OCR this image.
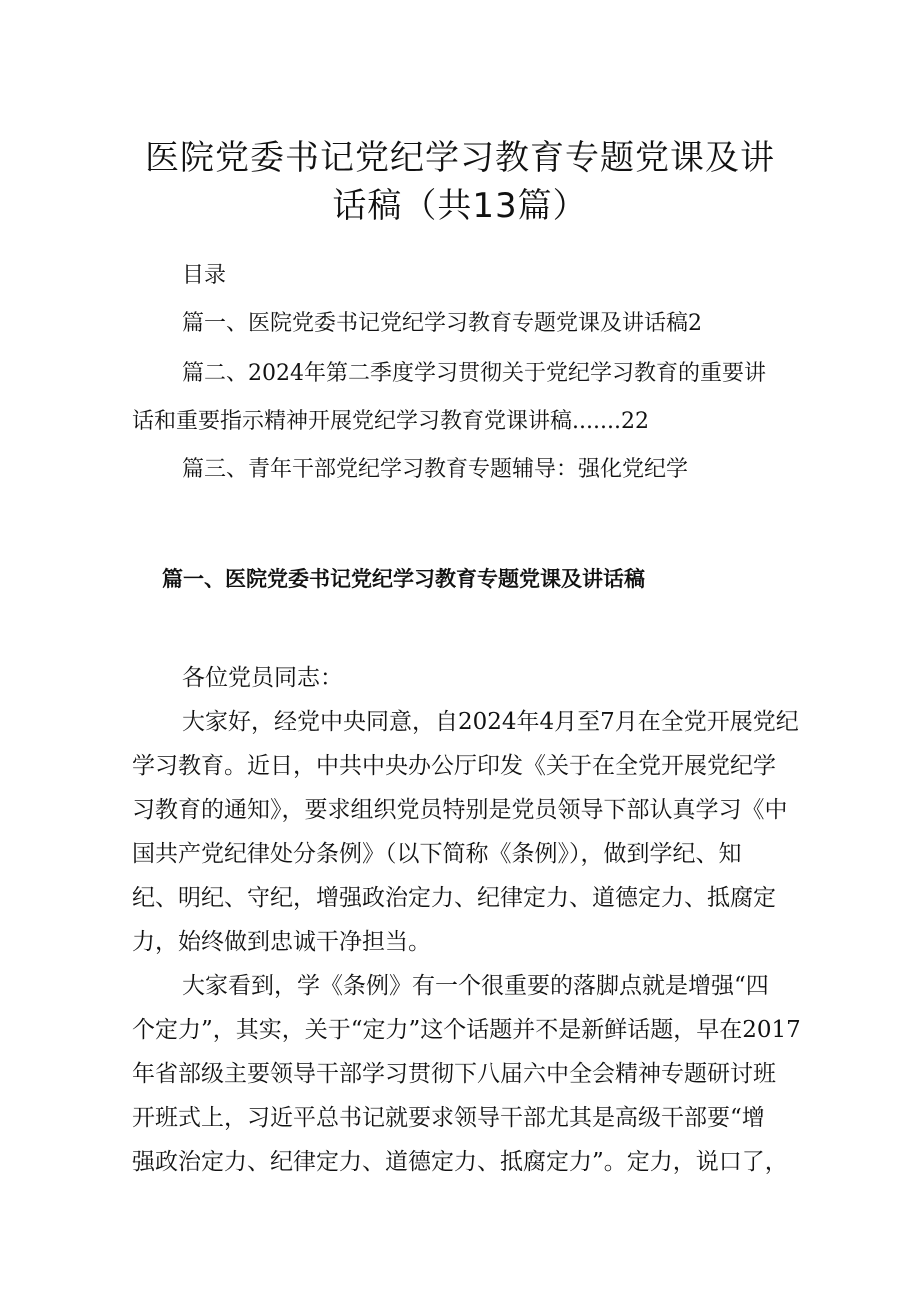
医院党委书记党纪学习教育专题党课及讲
话稿（共13篇）

目录

篇一、医院党委书记党纪学习教育专题党课及讲话稿2

篇二、2024年第二季度学习贯彻关于党纪学习教育的重要讲

话和重要指示精神开展党纪学习教育党课讲稿.......22

篇三、青年干部党纪学习教育专题辅导：强化党纪学

篇一、医院党委书记党纪学习教育专题党课及讲话稿

各位党员同志：

大家好，经党中央同意，自2024年4月至7月在全党开展党纪

学习教育。近日，中共中央办公厅印发《关于在全党开展党纪学

习教育的通知》，要求组织党员特别是党员领导下部认真学习《中

国共产党纪律处分条例》（以下简称《条例》），做到学纪、知

纪、明纪、守纪，增强政治定力、纪律定力、道德定力、抵腐定

力，始终做到忠诚干净担当。

大家看到，学《条例》有一个很重要的落脚点就是增强“四

个定力”，其实，关于“定力”这个话题并不是新鲜话题，早在2017

年省部级主要领导干部学习贯彻下八届六中全会精神专题研讨班

开班式上，习近平总书记就要求领导干部尤其是高级干部要“增

强政治定力、纪律定力、道德定力、抵腐定力”。定力，说口了，
